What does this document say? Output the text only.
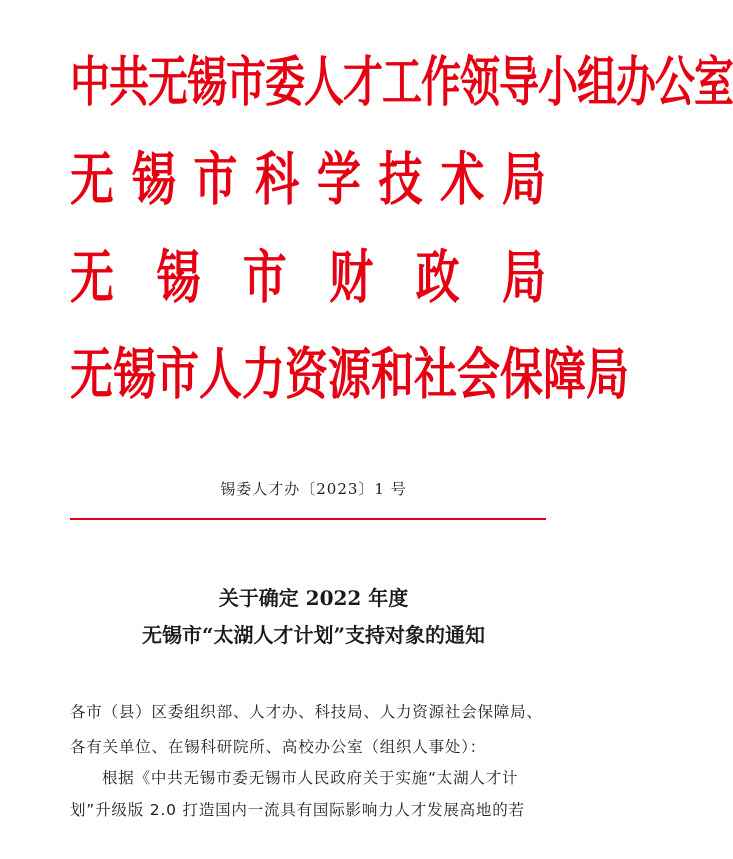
中共无锡市委人才工作领导小组办公室
无 锡 市 科 学 技 术 局
无 锡 市 财 政 局
无锡市人力资源和社会保障局
锡委人才办〔2023〕1 号
关于确定 2022 年度
无锡市“太湖人才计划”支持对象的通知
各市（县）区委组织部、人才办、科技局、人力资源社会保障局、
各有关单位、在锡科研院所、高校办公室（组织人事处）：
根据《中共无锡市委无锡市人民政府关于实施“太湖人才计
划”升级版 2.0 打造国内一流具有国际影响力人才发展高地的若
